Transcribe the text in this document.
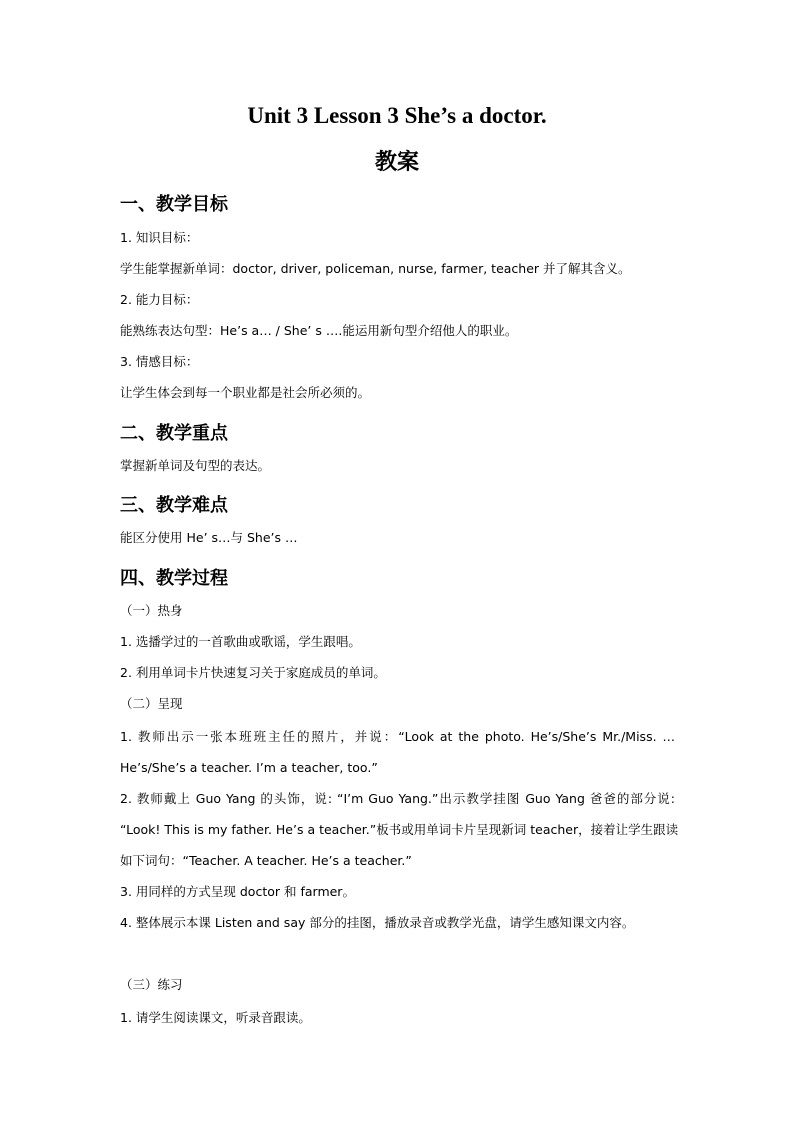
Unit 3 Lesson 3 She’s a doctor.
教案
一、教学目标
1. 知识目标：
学生能掌握新单词：doctor, driver, policeman, nurse, farmer, teacher 并了解其含义。
2. 能力目标：
能熟练表达句型：He’s a… / She’ s ….能运用新句型介绍他人的职业。
3. 情感目标：
让学生体会到每一个职业都是社会所必须的。
二、教学重点
掌握新单词及句型的表达。
三、教学难点
能区分使用 He’ s…与 She’s …
四、教学过程
（一）热身
1. 选播学过的一首歌曲或歌谣，学生跟唱。
2. 利用单词卡片快速复习关于家庭成员的单词。
（二）呈现
1. 教师出示一张本班班主任的照片，并说：“Look at the photo. He’s/She’s Mr./Miss. …
He’s/She’s a teacher. I’m a teacher, too.”
2. 教师戴上 Guo Yang 的头饰，说: “I’m Guo Yang.”出示教学挂图 Guo Yang 爸爸的部分说:
“Look! This is my father. He’s a teacher.”板书或用单词卡片呈现新词 teacher，接着让学生跟读
如下词句：“Teacher. A teacher. He’s a teacher.”
3. 用同样的方式呈现 doctor 和 farmer。
4. 整体展示本课 Listen and say 部分的挂图，播放录音或教学光盘，请学生感知课文内容。
（三）练习
1. 请学生阅读课文，听录音跟读。
